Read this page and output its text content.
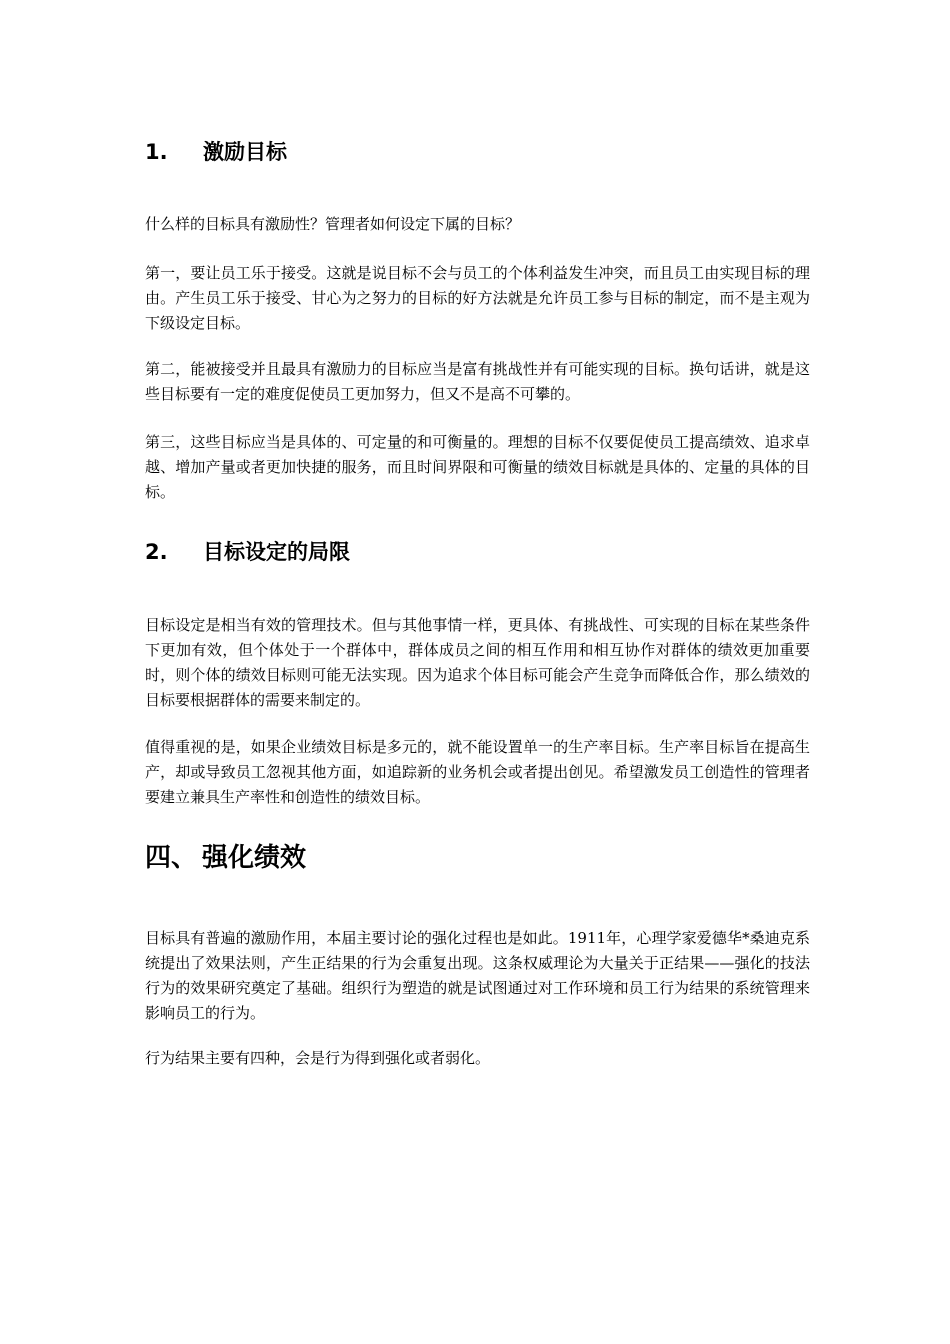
1. 激励目标

什么样的目标具有激励性？管理者如何设定下属的目标？

第一，要让员工乐于接受。这就是说目标不会与员工的个体利益发生冲突，而且员工由实现目标的理由。产生员工乐于接受、甘心为之努力的目标的好方法就是允许员工参与目标的制定，而不是主观为下级设定目标。

第二，能被接受并且最具有激励力的目标应当是富有挑战性并有可能实现的目标。换句话讲，就是这些目标要有一定的难度促使员工更加努力，但又不是高不可攀的。

第三，这些目标应当是具体的、可定量的和可衡量的。理想的目标不仅要促使员工提高绩效、追求卓越、增加产量或者更加快捷的服务，而且时间界限和可衡量的绩效目标就是具体的、定量的具体的目标。

2. 目标设定的局限

目标设定是相当有效的管理技术。但与其他事情一样，更具体、有挑战性、可实现的目标在某些条件下更加有效，但个体处于一个群体中，群体成员之间的相互作用和相互协作对群体的绩效更加重要时，则个体的绩效目标则可能无法实现。因为追求个体目标可能会产生竞争而降低合作，那么绩效的目标要根据群体的需要来制定的。

值得重视的是，如果企业绩效目标是多元的，就不能设置单一的生产率目标。生产率目标旨在提高生产，却或导致员工忽视其他方面，如追踪新的业务机会或者提出创见。希望激发员工创造性的管理者要建立兼具生产率性和创造性的绩效目标。

四、 强化绩效

目标具有普遍的激励作用，本届主要讨论的强化过程也是如此。1911年，心理学家爱德华*桑迪克系统提出了效果法则，产生正结果的行为会重复出现。这条权威理论为大量关于正结果——强化的技法行为的效果研究奠定了基础。组织行为塑造的就是试图通过对工作环境和员工行为结果的系统管理来影响员工的行为。

行为结果主要有四种，会是行为得到强化或者弱化。
